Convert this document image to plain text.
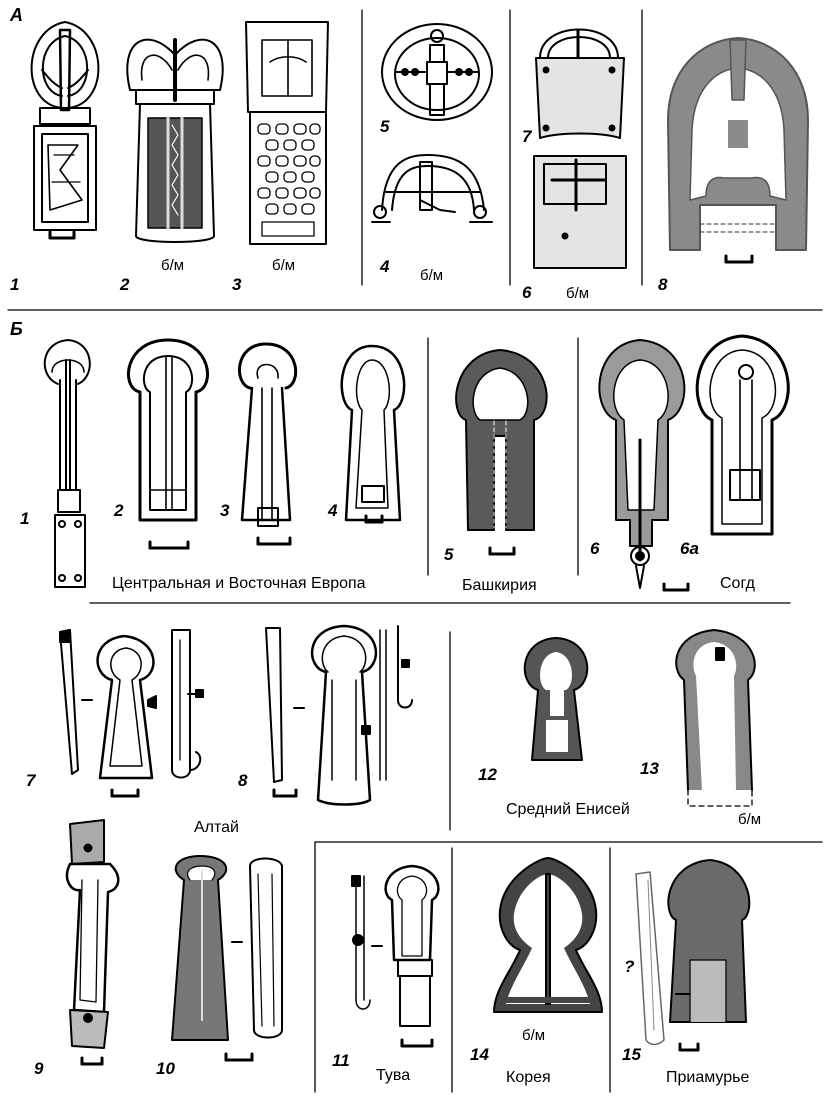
А
Б
1	2	3
4
5
6
7
8
б/м	б/м
б/м
б/м
1	2	3	4
5	6	6а
7	8
9	10	11
12	13
14	15
б/м
б/м
?
Центральная и Восточная Европа	Башкирия	Согд
Алтай
Средний Енисей
Тува	Корея	Приамурье
